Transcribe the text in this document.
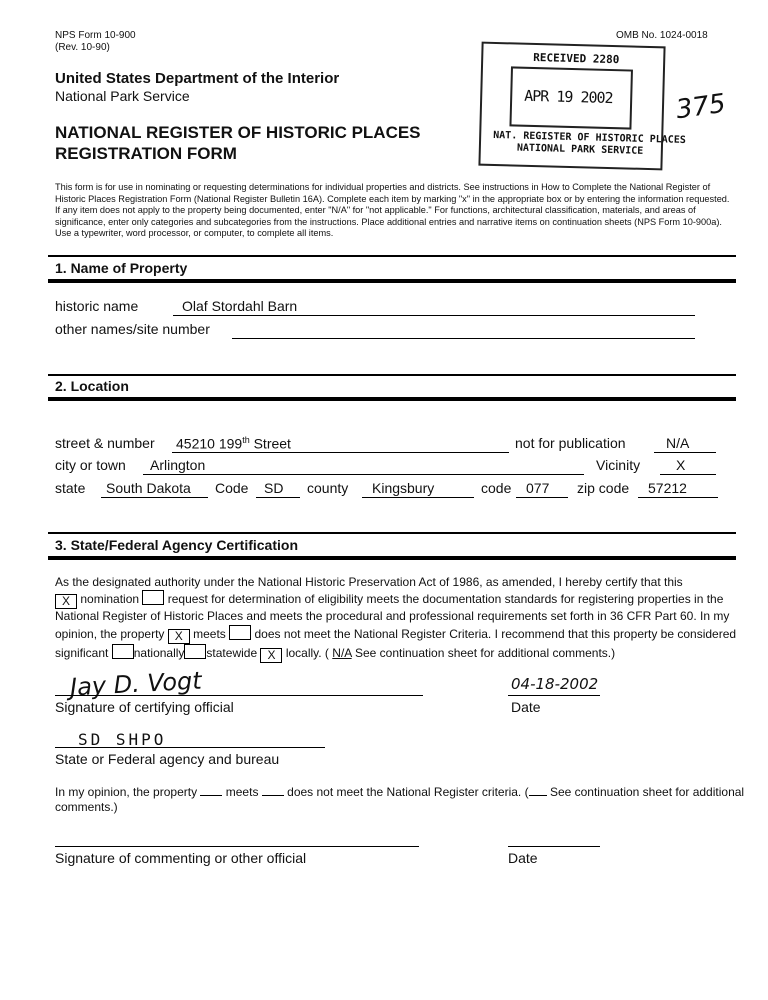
NPS Form 10-900
(Rev. 10-90)
OMB No. 1024-0018
United States Department of the Interior
National Park Service
NATIONAL REGISTER OF HISTORIC PLACES
REGISTRATION FORM
RECEIVED 2280
APR 19 2002
NAT. REGISTER OF HISTORIC PLACES
NATIONAL PARK SERVICE
375
This form is for use in nominating or requesting determinations for individual properties and districts. See instructions in How to Complete the National Register of Historic Places Registration Form (National Register Bulletin 16A). Complete each item by marking "x" in the appropriate box or by entering the information requested. If any item does not apply to the property being documented, enter "N/A" for "not applicable." For functions, architectural classification, materials, and areas of significance, enter only categories and subcategories from the instructions. Place additional entries and narrative items on continuation sheets (NPS Form 10-900a). Use a typewriter, word processor, or computer, to complete all items.
1. Name of Property
historic name	Olaf Stordahl Barn
other names/site number
2. Location
street & number 45210 199th Street	not for publication	N/A
city or town Arlington	Vicinity	X
state South Dakota Code SD county Kingsbury	code 077 zip code 57212
3. State/Federal Agency Certification
As the designated authority under the National Historic Preservation Act of 1986, as amended, I hereby certify that this
X nomination request for determination of eligibility meets the documentation standards for registering properties in the National Register of Historic Places and meets the procedural and professional requirements set forth in 36 CFR Part 60. In my opinion, the property X meets does not meet the National Register Criteria. I recommend that this property be considered significant nationally statewide X locally. ( N/A See continuation sheet for additional comments.)
Jay D. Vogt
Signature of certifying official
04-18-2002
Date
SD SHPO
State or Federal agency and bureau
In my opinion, the property meets does not meet the National Register criteria. ( See continuation sheet for additional comments.)
Signature of commenting or other official	Date
